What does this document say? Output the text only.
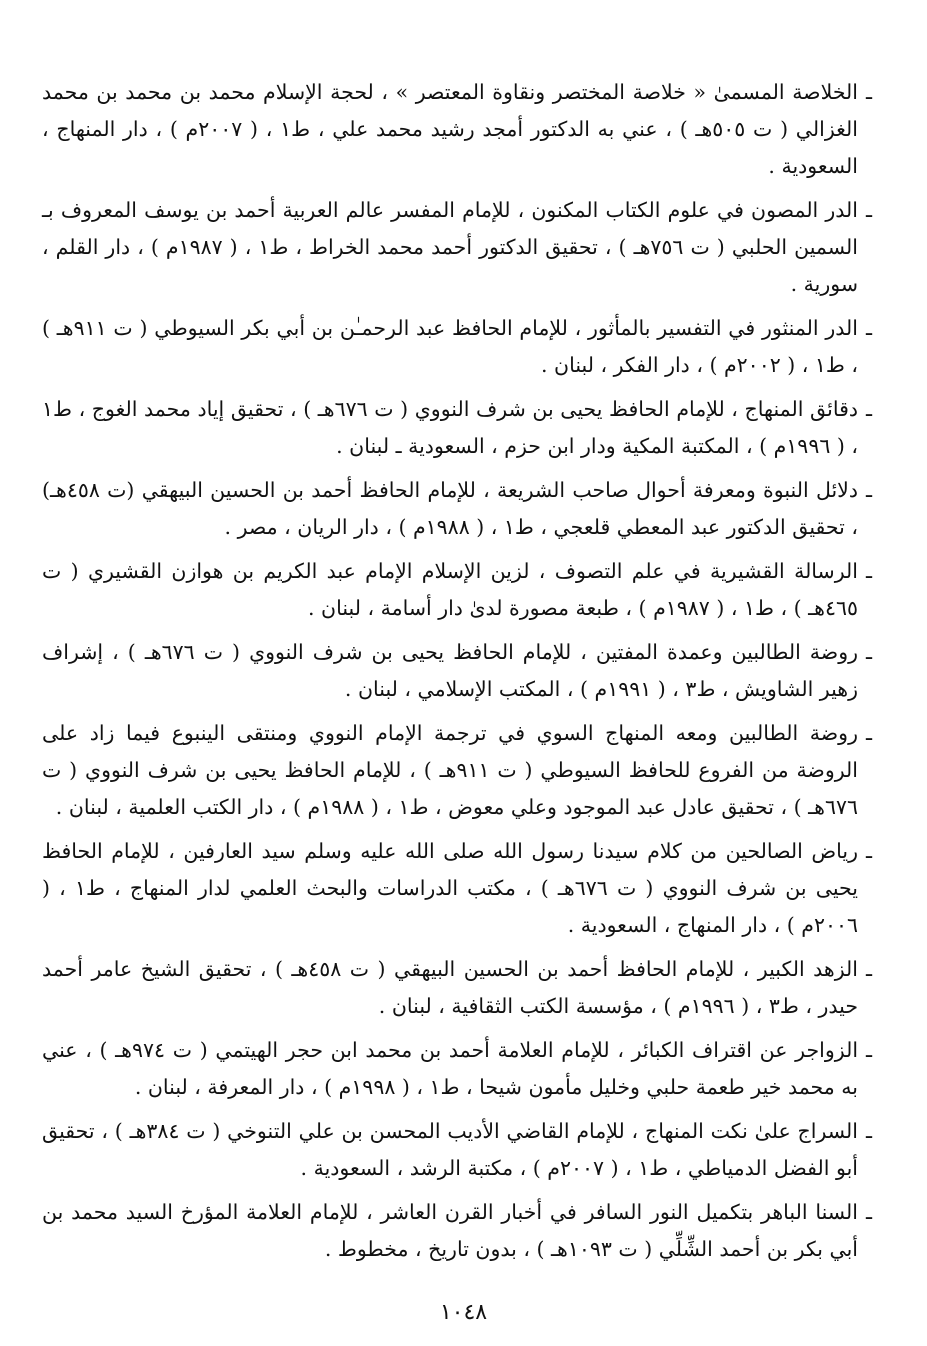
ـ الخلاصة المسمىٰ « خلاصة المختصر ونقاوة المعتصر » ، لحجة الإسلام محمد بن محمد بن محمد الغزالي ( ت ٥٠٥هـ ) ، عني به الدكتور أمجد رشيد محمد علي ، ط١ ، ( ٢٠٠٧م ) ، دار المنهاج ، السعودية .
ـ الدر المصون في علوم الكتاب المكنون ، للإمام المفسر عالم العربية أحمد بن يوسف المعروف بـ السمين الحلبي ( ت ٧٥٦هـ ) ، تحقيق الدكتور أحمد محمد الخراط ، ط١ ، ( ١٩٨٧م ) ، دار القلم ، سورية .
ـ الدر المنثور في التفسير بالمأثور ، للإمام الحافظ عبد الرحمـٰن بن أبي بكر السيوطي ( ت ٩١١هـ ) ، ط١ ، ( ٢٠٠٢م ) ، دار الفكر ، لبنان .
ـ دقائق المنهاج ، للإمام الحافظ يحيى بن شرف النووي ( ت ٦٧٦هـ ) ، تحقيق إياد محمد الغوج ، ط١ ، ( ١٩٩٦م ) ، المكتبة المكية ودار ابن حزم ، السعودية ـ لبنان .
ـ دلائل النبوة ومعرفة أحوال صاحب الشريعة ، للإمام الحافظ أحمد بن الحسين البيهقي (ت ٤٥٨هـ) ، تحقيق الدكتور عبد المعطي قلعجي ، ط١ ، ( ١٩٨٨م ) ، دار الريان ، مصر .
ـ الرسالة القشيرية في علم التصوف ، لزين الإسلام الإمام عبد الكريم بن هوازن القشيري ( ت ٤٦٥هـ ) ، ط١ ، ( ١٩٨٧م ) ، طبعة مصورة لدىٰ دار أسامة ، لبنان .
ـ روضة الطالبين وعمدة المفتين ، للإمام الحافظ يحيى بن شرف النووي ( ت ٦٧٦هـ ) ، إشراف زهير الشاويش ، ط٣ ، ( ١٩٩١م ) ، المكتب الإسلامي ، لبنان .
ـ روضة الطالبين ومعه المنهاج السوي في ترجمة الإمام النووي ومنتقى الينبوع فيما زاد على الروضة من الفروع للحافظ السيوطي ( ت ٩١١هـ ) ، للإمام الحافظ يحيى بن شرف النووي ( ت ٦٧٦هـ ) ، تحقيق عادل عبد الموجود وعلي معوض ، ط١ ، ( ١٩٨٨م ) ، دار الكتب العلمية ، لبنان .
ـ رياض الصالحين من كلام سيدنا رسول الله صلى الله عليه وسلم سيد العارفين ، للإمام الحافظ يحيى بن شرف النووي ( ت ٦٧٦هـ ) ، مكتب الدراسات والبحث العلمي لدار المنهاج ، ط١ ، ( ٢٠٠٦م ) ، دار المنهاج ، السعودية .
ـ الزهد الكبير ، للإمام الحافظ أحمد بن الحسين البيهقي ( ت ٤٥٨هـ ) ، تحقيق الشيخ عامر أحمد حيدر ، ط٣ ، ( ١٩٩٦م ) ، مؤسسة الكتب الثقافية ، لبنان .
ـ الزواجر عن اقتراف الكبائر ، للإمام العلامة أحمد بن محمد ابن حجر الهيتمي ( ت ٩٧٤هـ ) ، عني به محمد خير طعمة حلبي وخليل مأمون شيحا ، ط١ ، ( ١٩٩٨م ) ، دار المعرفة ، لبنان .
ـ السراج علىٰ نكت المنهاج ، للإمام القاضي الأديب المحسن بن علي التنوخي ( ت ٣٨٤هـ ) ، تحقيق أبو الفضل الدمياطي ، ط١ ، ( ٢٠٠٧م ) ، مكتبة الرشد ، السعودية .
ـ السنا الباهر بتكميل النور السافر في أخبار القرن العاشر ، للإمام العلامة المؤرخ السيد محمد بن أبي بكر بن أحمد الشِّلِّي ( ت ١٠٩٣هـ ) ، بدون تاريخ ، مخطوط .
١٠٤٨
